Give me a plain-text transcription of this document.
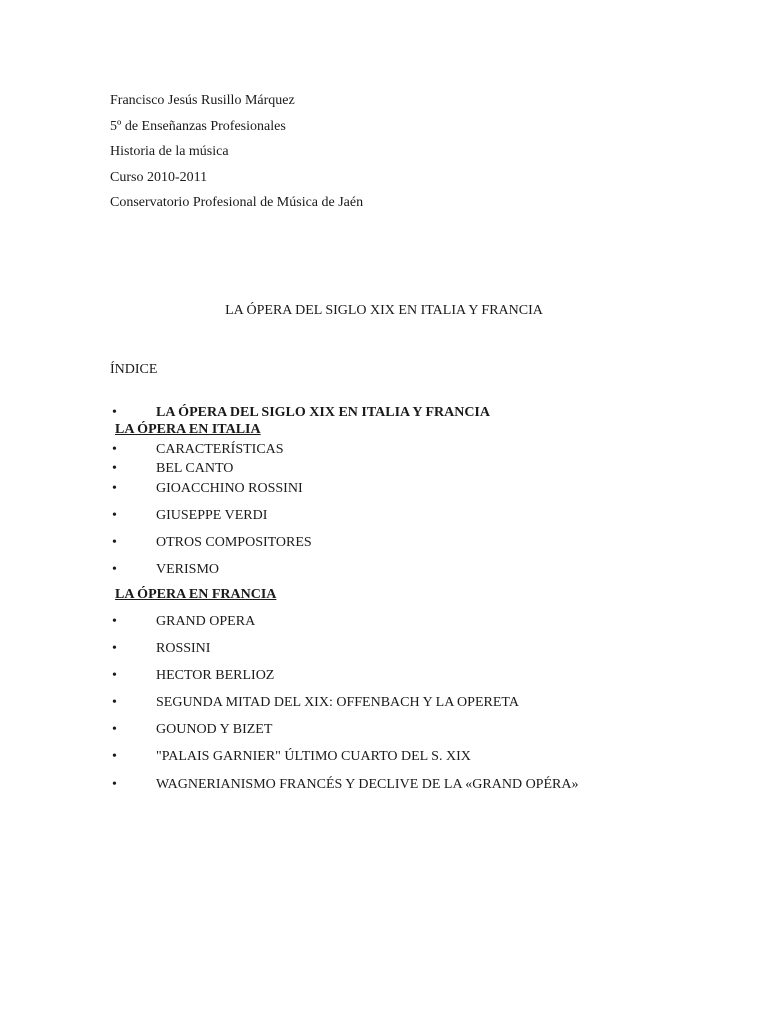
Francisco Jesús Rusillo Márquez
5º de Enseñanzas Profesionales
Historia de la música
Curso 2010-2011
Conservatorio Profesional de Música de Jaén
LA ÓPERA DEL SIGLO XIX EN ITALIA Y FRANCIA
ÍNDICE
•	LA ÓPERA DEL SIGLO XIX EN ITALIA Y FRANCIA
LA ÓPERA EN ITALIA
•	CARACTERÍSTICAS
•	BEL CANTO
•	GIOACCHINO ROSSINI
•	GIUSEPPE VERDI
•	OTROS COMPOSITORES
•	VERISMO
LA ÓPERA EN FRANCIA
•	GRAND OPERA
•	ROSSINI
•	HECTOR BERLIOZ
•	SEGUNDA MITAD DEL XIX: OFFENBACH Y LA OPERETA
•	GOUNOD Y BIZET
•	"PALAIS GARNIER" ÚLTIMO CUARTO DEL S. XIX
•	WAGNERIANISMO FRANCÉS Y DECLIVE DE LA «GRAND OPÉRA»
